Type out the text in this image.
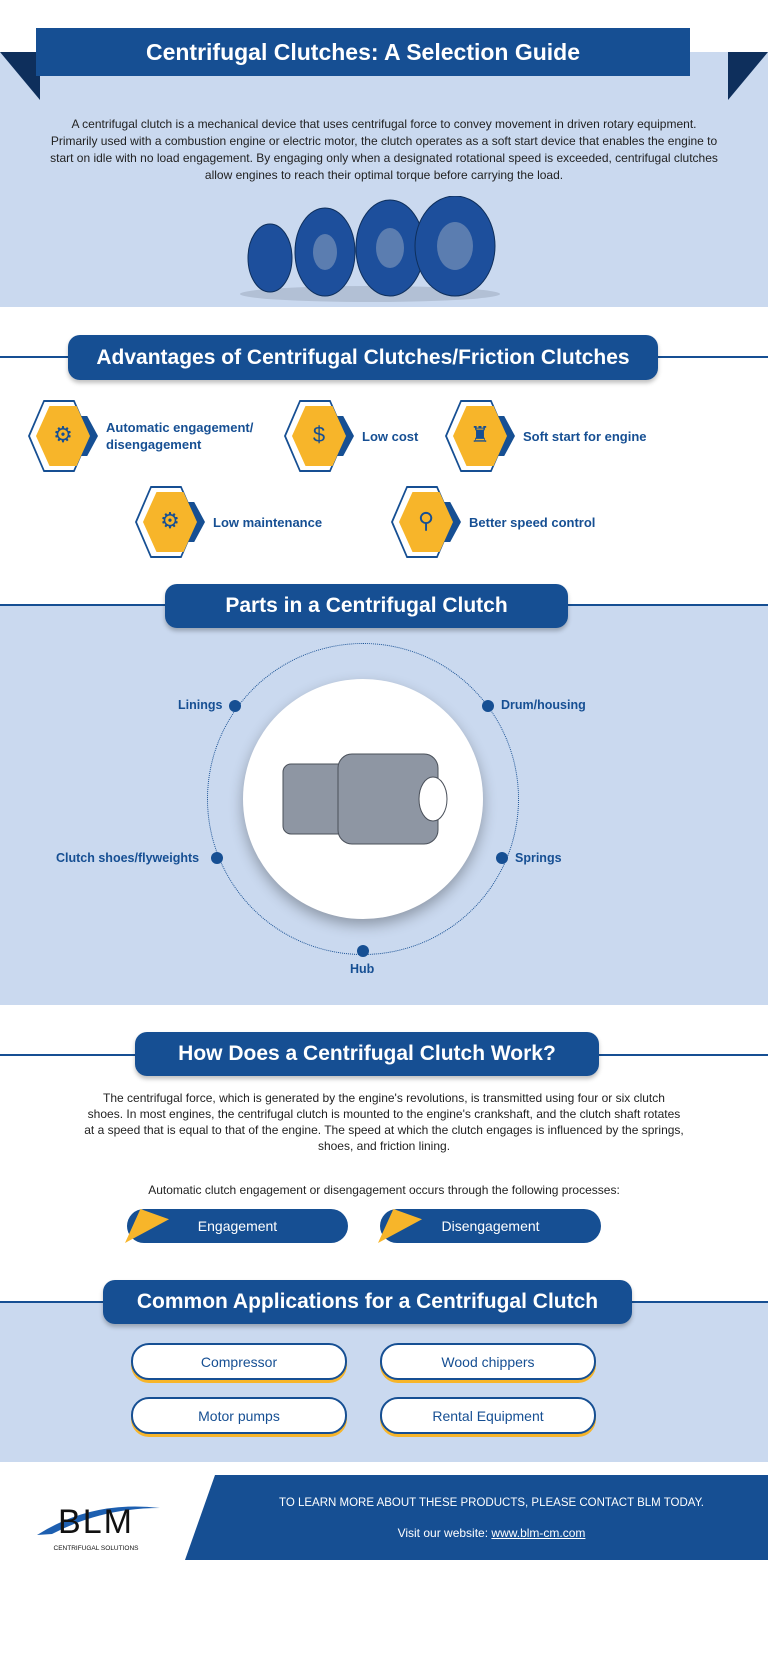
Centrifugal Clutches: A Selection Guide
A centrifugal clutch is a mechanical device that uses centrifugal force to convey movement in driven rotary equipment. Primarily used with a combustion engine or electric motor, the clutch operates as a soft start device that enables the engine to start on idle with no load engagement. By engaging only when a designated rotational speed is exceeded, centrifugal clutches allow engines to reach their optimal torque before carrying the load.
Advantages of Centrifugal Clutches/Friction Clutches
⚙	Automatic engagement/ disengagement	$	Low cost ♜	Soft start for engine
⚙	Low maintenance	⚲	Better speed control
Parts in a Centrifugal Clutch
Linings	Drum/housing
Clutch shoes/flyweights	Springs
Hub
How Does a Centrifugal Clutch Work?
The centrifugal force, which is generated by the engine's revolutions, is transmitted using four or six clutch shoes. In most engines, the centrifugal clutch is mounted to the engine's crankshaft, and the clutch shaft rotates at a speed that is equal to that of the engine. The speed at which the clutch engages is influenced by the springs, shoes, and friction lining.
Automatic clutch engagement or disengagement occurs through the following processes:
Engagement	Disengagement
Common Applications for a Centrifugal Clutch
Compressor	Wood chippers
Motor pumps	Rental Equipment
BLM
CENTRIFUGAL SOLUTIONS
TO LEARN MORE ABOUT THESE PRODUCTS, PLEASE CONTACT BLM TODAY.
Visit our website: www.blm-cm.com
